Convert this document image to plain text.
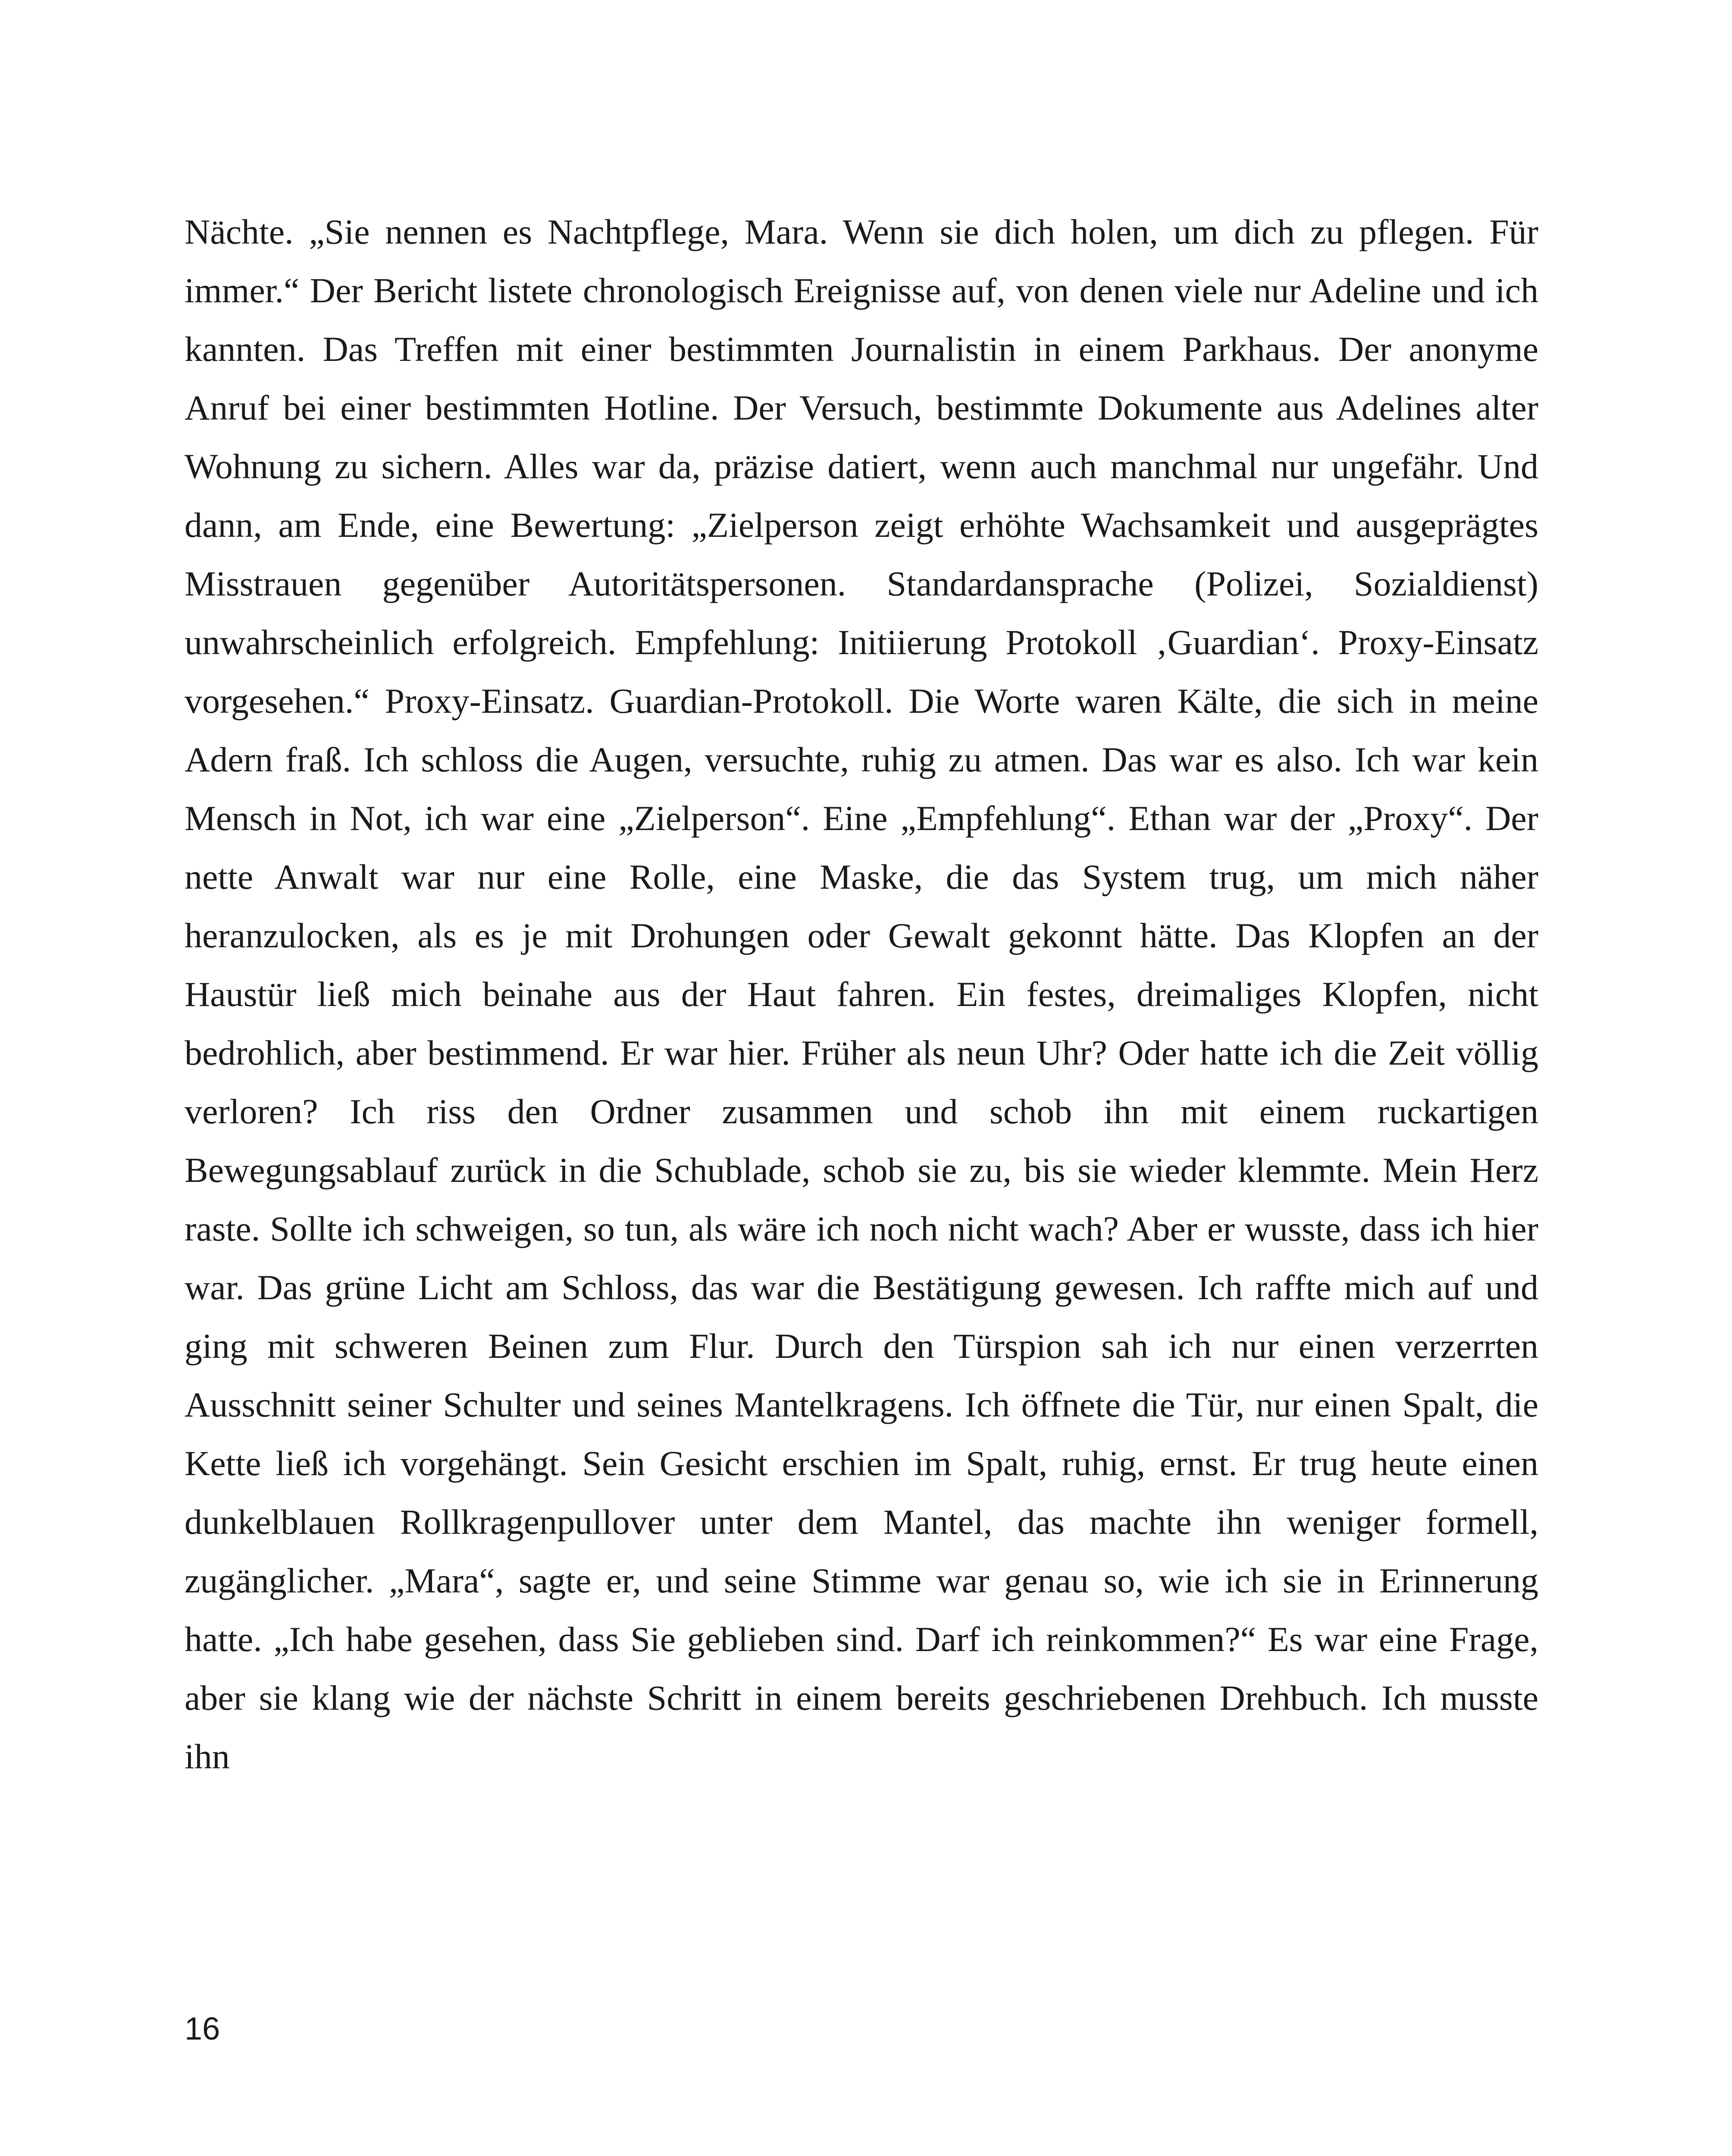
Nächte. „Sie nennen es Nachtpflege, Mara. Wenn sie dich holen, um dich zu pflegen. Für immer.“ Der Bericht listete chronologisch Ereignisse auf, von denen viele nur Adeline und ich kannten. Das Treffen mit einer bestimmten Journalistin in einem Parkhaus. Der anonyme Anruf bei einer bestimmten Hotline. Der Versuch, bestimmte Dokumente aus Adelines alter Wohnung zu sichern. Alles war da, präzise datiert, wenn auch manchmal nur ungefähr. Und dann, am Ende, eine Bewertung: „Zielperson zeigt erhöhte Wachsamkeit und ausgeprägtes Misstrauen gegenüber Autoritätspersonen. Standardansprache (Polizei, Sozialdienst) unwahrscheinlich erfolgreich. Empfehlung: Initiierung Protokoll ‚Guardian‘. Proxy-Einsatz vorgesehen.“ Proxy-Einsatz. Guardian-Protokoll. Die Worte waren Kälte, die sich in meine Adern fraß. Ich schloss die Augen, versuchte, ruhig zu atmen. Das war es also. Ich war kein Mensch in Not, ich war eine „Zielperson“. Eine „Empfehlung“. Ethan war der „Proxy“. Der nette Anwalt war nur eine Rolle, eine Maske, die das System trug, um mich näher heranzulocken, als es je mit Drohungen oder Gewalt gekonnt hätte. Das Klopfen an der Haustür ließ mich beinahe aus der Haut fahren. Ein festes, dreimaliges Klopfen, nicht bedrohlich, aber bestimmend. Er war hier. Früher als neun Uhr? Oder hatte ich die Zeit völlig verloren? Ich riss den Ordner zusammen und schob ihn mit einem ruckartigen Bewegungsablauf zurück in die Schublade, schob sie zu, bis sie wieder klemmte. Mein Herz raste. Sollte ich schweigen, so tun, als wäre ich noch nicht wach? Aber er wusste, dass ich hier war. Das grüne Licht am Schloss, das war die Bestätigung gewesen. Ich raffte mich auf und ging mit schweren Beinen zum Flur. Durch den Türspion sah ich nur einen verzerrten Ausschnitt seiner Schulter und seines Mantelkragens. Ich öffnete die Tür, nur einen Spalt, die Kette ließ ich vorgehängt. Sein Gesicht erschien im Spalt, ruhig, ernst. Er trug heute einen dunkelblauen Rollkragenpullover unter dem Mantel, das machte ihn weniger formell, zugänglicher. „Mara“, sagte er, und seine Stimme war genau so, wie ich sie in Erinnerung hatte. „Ich habe gesehen, dass Sie geblieben sind. Darf ich reinkommen?“ Es war eine Frage, aber sie klang wie der nächste Schritt in einem bereits geschriebenen Drehbuch. Ich musste ihn

16
